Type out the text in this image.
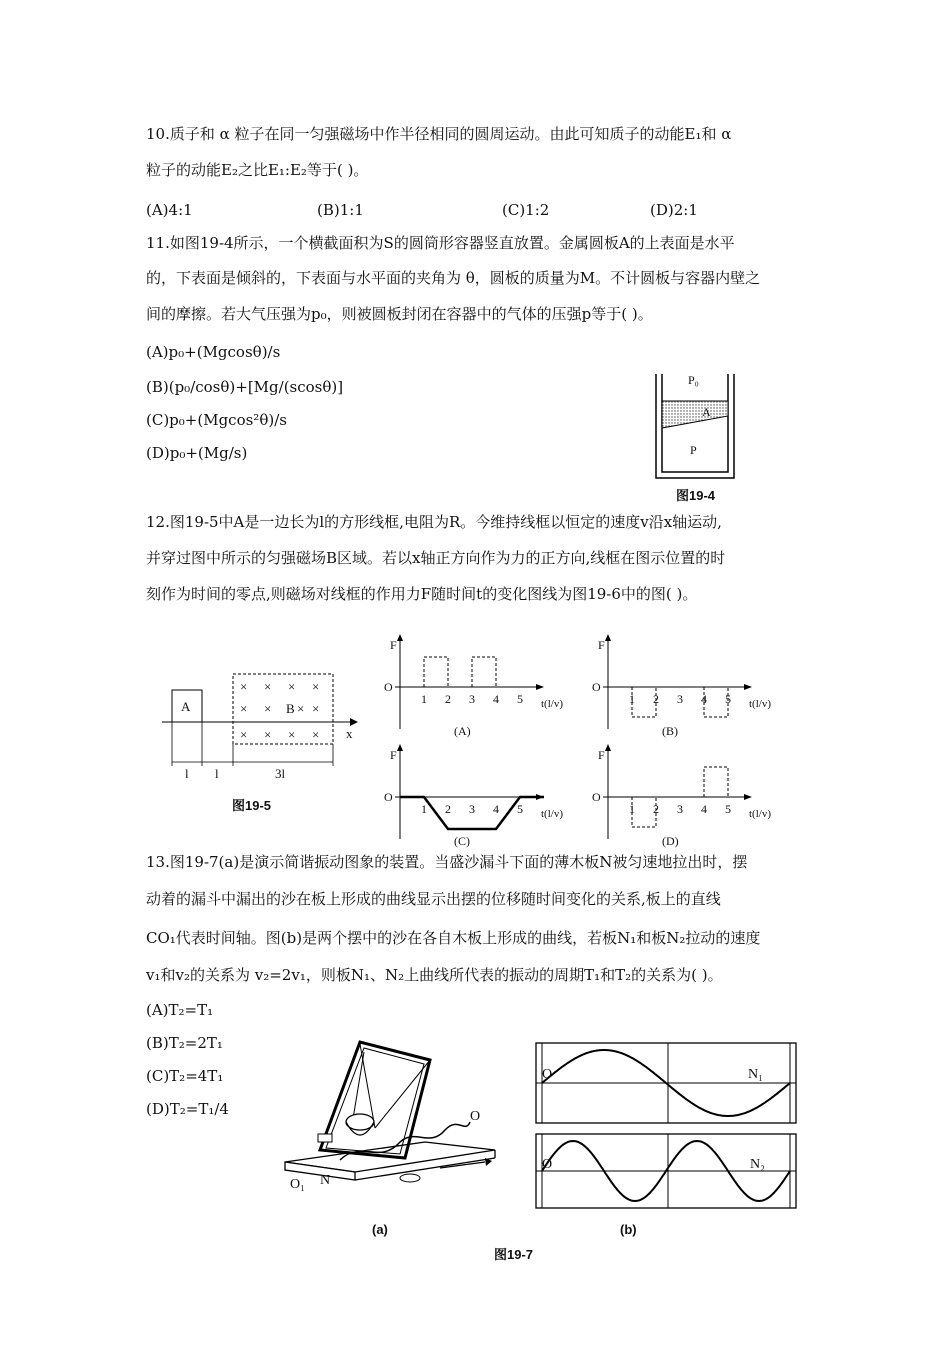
10.质子和 α 粒子在同一匀强磁场中作半径相同的圆周运动。由此可知质子的动能E₁和 α
粒子的动能E₂之比E₁:E₂等于( )。
(A)4:1	(B)1:1	(C)1:2	(D)2:1
11.如图19-4所示，一个横截面积为S的圆筒形容器竖直放置。金属圆板A的上表面是水平
的，下表面是倾斜的，下表面与水平面的夹角为 θ，圆板的质量为M。不计圆板与容器内壁之
间的摩擦。若大气压强为p₀，则被圆板封闭在容器中的气体的压强p等于( )。
(A)p₀+(Mgcosθ)/s
(B)(p₀/cosθ)+[Mg/(scosθ)]
(C)p₀+(Mgcos²θ)/s
(D)p₀+(Mg/s)
P₀
A
P
图19-4
12.图19-5中A是一边长为l的方形线框,电阻为R。今维持线框以恒定的速度v沿x轴运动,
并穿过图中所示的匀强磁场B区域。若以x轴正方向作为力的正方向,线框在图示位置的时
刻作为时间的零点,则磁场对线框的作用力F随时间t的变化图线为图19-6中的图( )。
x
A
× × × ×
× × B × ×
× × × ×
l l	3l
图19-5
F
O
t(l/v)
1 2 3 4 5
(A)
F
O
t(l/v)
1 2 3 4 5
(B)
F
O
t(l/v)
1 2 3 4 5
(C)
F
O
t(l/v)
1 2 3 4 5
(D)
13.图19-7(a)是演示简谐振动图象的装置。当盛沙漏斗下面的薄木板N被匀速地拉出时，摆
动着的漏斗中漏出的沙在板上形成的曲线显示出摆的位移随时间变化的关系,板上的直线
CO₁代表时间轴。图(b)是两个摆中的沙在各自木板上形成的曲线，若板N₁和板N₂拉动的速度
v₁和v₂的关系为 v₂=2v₁，则板N₁、N₂上曲线所代表的振动的周期T₁和T₂的关系为( )。
(A)T₂=T₁
(B)T₂=2T₁
(C)T₂=4T₁
(D)T₂=T₁/4	O
O₁ N
(a)
O	N₁
O	N₂
(b)
图19-7
